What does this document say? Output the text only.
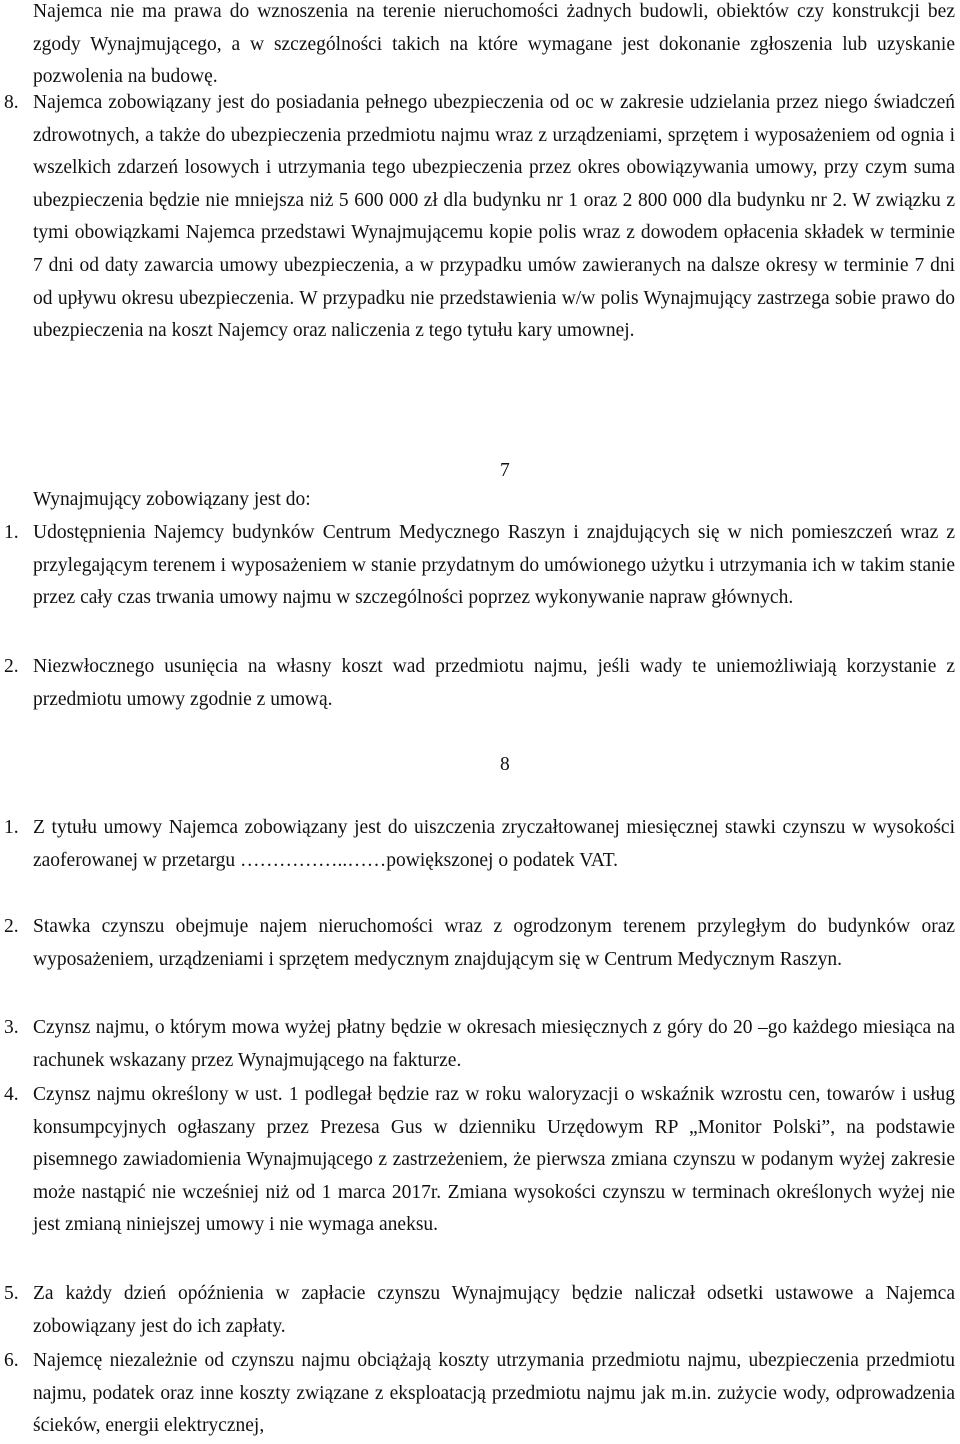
Najemca nie ma prawa do wznoszenia na terenie nieruchomości żadnych budowli, obiektów czy konstrukcji bez zgody Wynajmującego, a w szczególności takich na które wymagane jest dokonanie zgłoszenia lub uzyskanie pozwolenia na budowę.

8. Najemca zobowiązany jest do posiadania pełnego ubezpieczenia od oc w zakresie udzielania przez niego świadczeń zdrowotnych, a także do ubezpieczenia przedmiotu najmu wraz z urządzeniami, sprzętem i wyposażeniem od ognia i wszelkich zdarzeń losowych i utrzymania tego ubezpieczenia przez okres obowiązywania umowy, przy czym suma ubezpieczenia będzie nie mniejsza niż 5 600 000 zł dla budynku nr 1 oraz 2 800 000 dla budynku nr 2. W związku z tymi obowiązkami Najemca przedstawi Wynajmującemu kopie polis wraz z dowodem opłacenia składek w terminie 7 dni od daty zawarcia umowy ubezpieczenia, a w przypadku umów zawieranych na dalsze okresy w terminie 7 dni od upływu okresu ubezpieczenia. W przypadku nie przedstawienia w/w polis Wynajmujący zastrzega sobie prawo do ubezpieczenia na koszt Najemcy oraz naliczenia z tego tytułu kary umownej.

7

Wynajmujący zobowiązany jest do:

1. Udostępnienia Najemcy budynków Centrum Medycznego Raszyn i znajdujących się w nich pomieszczeń wraz z przylegającym terenem i wyposażeniem w stanie przydatnym do umówionego użytku i utrzymania ich w takim stanie przez cały czas trwania umowy najmu w szczególności poprzez wykonywanie napraw głównych.

2. Niezwłocznego usunięcia na własny koszt wad przedmiotu najmu, jeśli wady te uniemożliwiają korzystanie z przedmiotu umowy zgodnie z umową.

8
1. Z tytułu umowy Najemca zobowiązany jest do uiszczenia zryczałtowanej miesięcznej stawki czynszu w wysokości zaoferowanej w przetargu ……………..……powiększonej o podatek VAT.

2. Stawka czynszu obejmuje najem nieruchomości wraz z ogrodzonym terenem przyległym do budynków oraz wyposażeniem, urządzeniami i sprzętem medycznym znajdującym się w Centrum Medycznym Raszyn.

3. Czynsz najmu, o którym mowa wyżej płatny będzie w okresach miesięcznych z góry do 20 –go każdego miesiąca na rachunek wskazany przez Wynajmującego na fakturze.

4. Czynsz najmu określony w ust. 1 podlegał będzie raz w roku waloryzacji o wskaźnik wzrostu cen, towarów i usług konsumpcyjnych ogłaszany przez Prezesa Gus w dzienniku Urzędowym RP „Monitor Polski”, na podstawie pisemnego zawiadomienia Wynajmującego z zastrzeżeniem, że pierwsza zmiana czynszu w podanym wyżej zakresie może nastąpić nie wcześniej niż od 1 marca 2017r. Zmiana wysokości czynszu w terminach określonych wyżej nie jest zmianą niniejszej umowy i nie wymaga aneksu.

5. Za każdy dzień opóźnienia w zapłacie czynszu Wynajmujący będzie naliczał odsetki ustawowe a Najemca zobowiązany jest do ich zapłaty.

6. Najemcę niezależnie od czynszu najmu obciążają koszty utrzymania przedmiotu najmu, ubezpieczenia przedmiotu najmu, podatek oraz inne koszty związane z eksploatacją przedmiotu najmu jak m.in. zużycie wody, odprowadzenia ścieków, energii elektrycznej,
